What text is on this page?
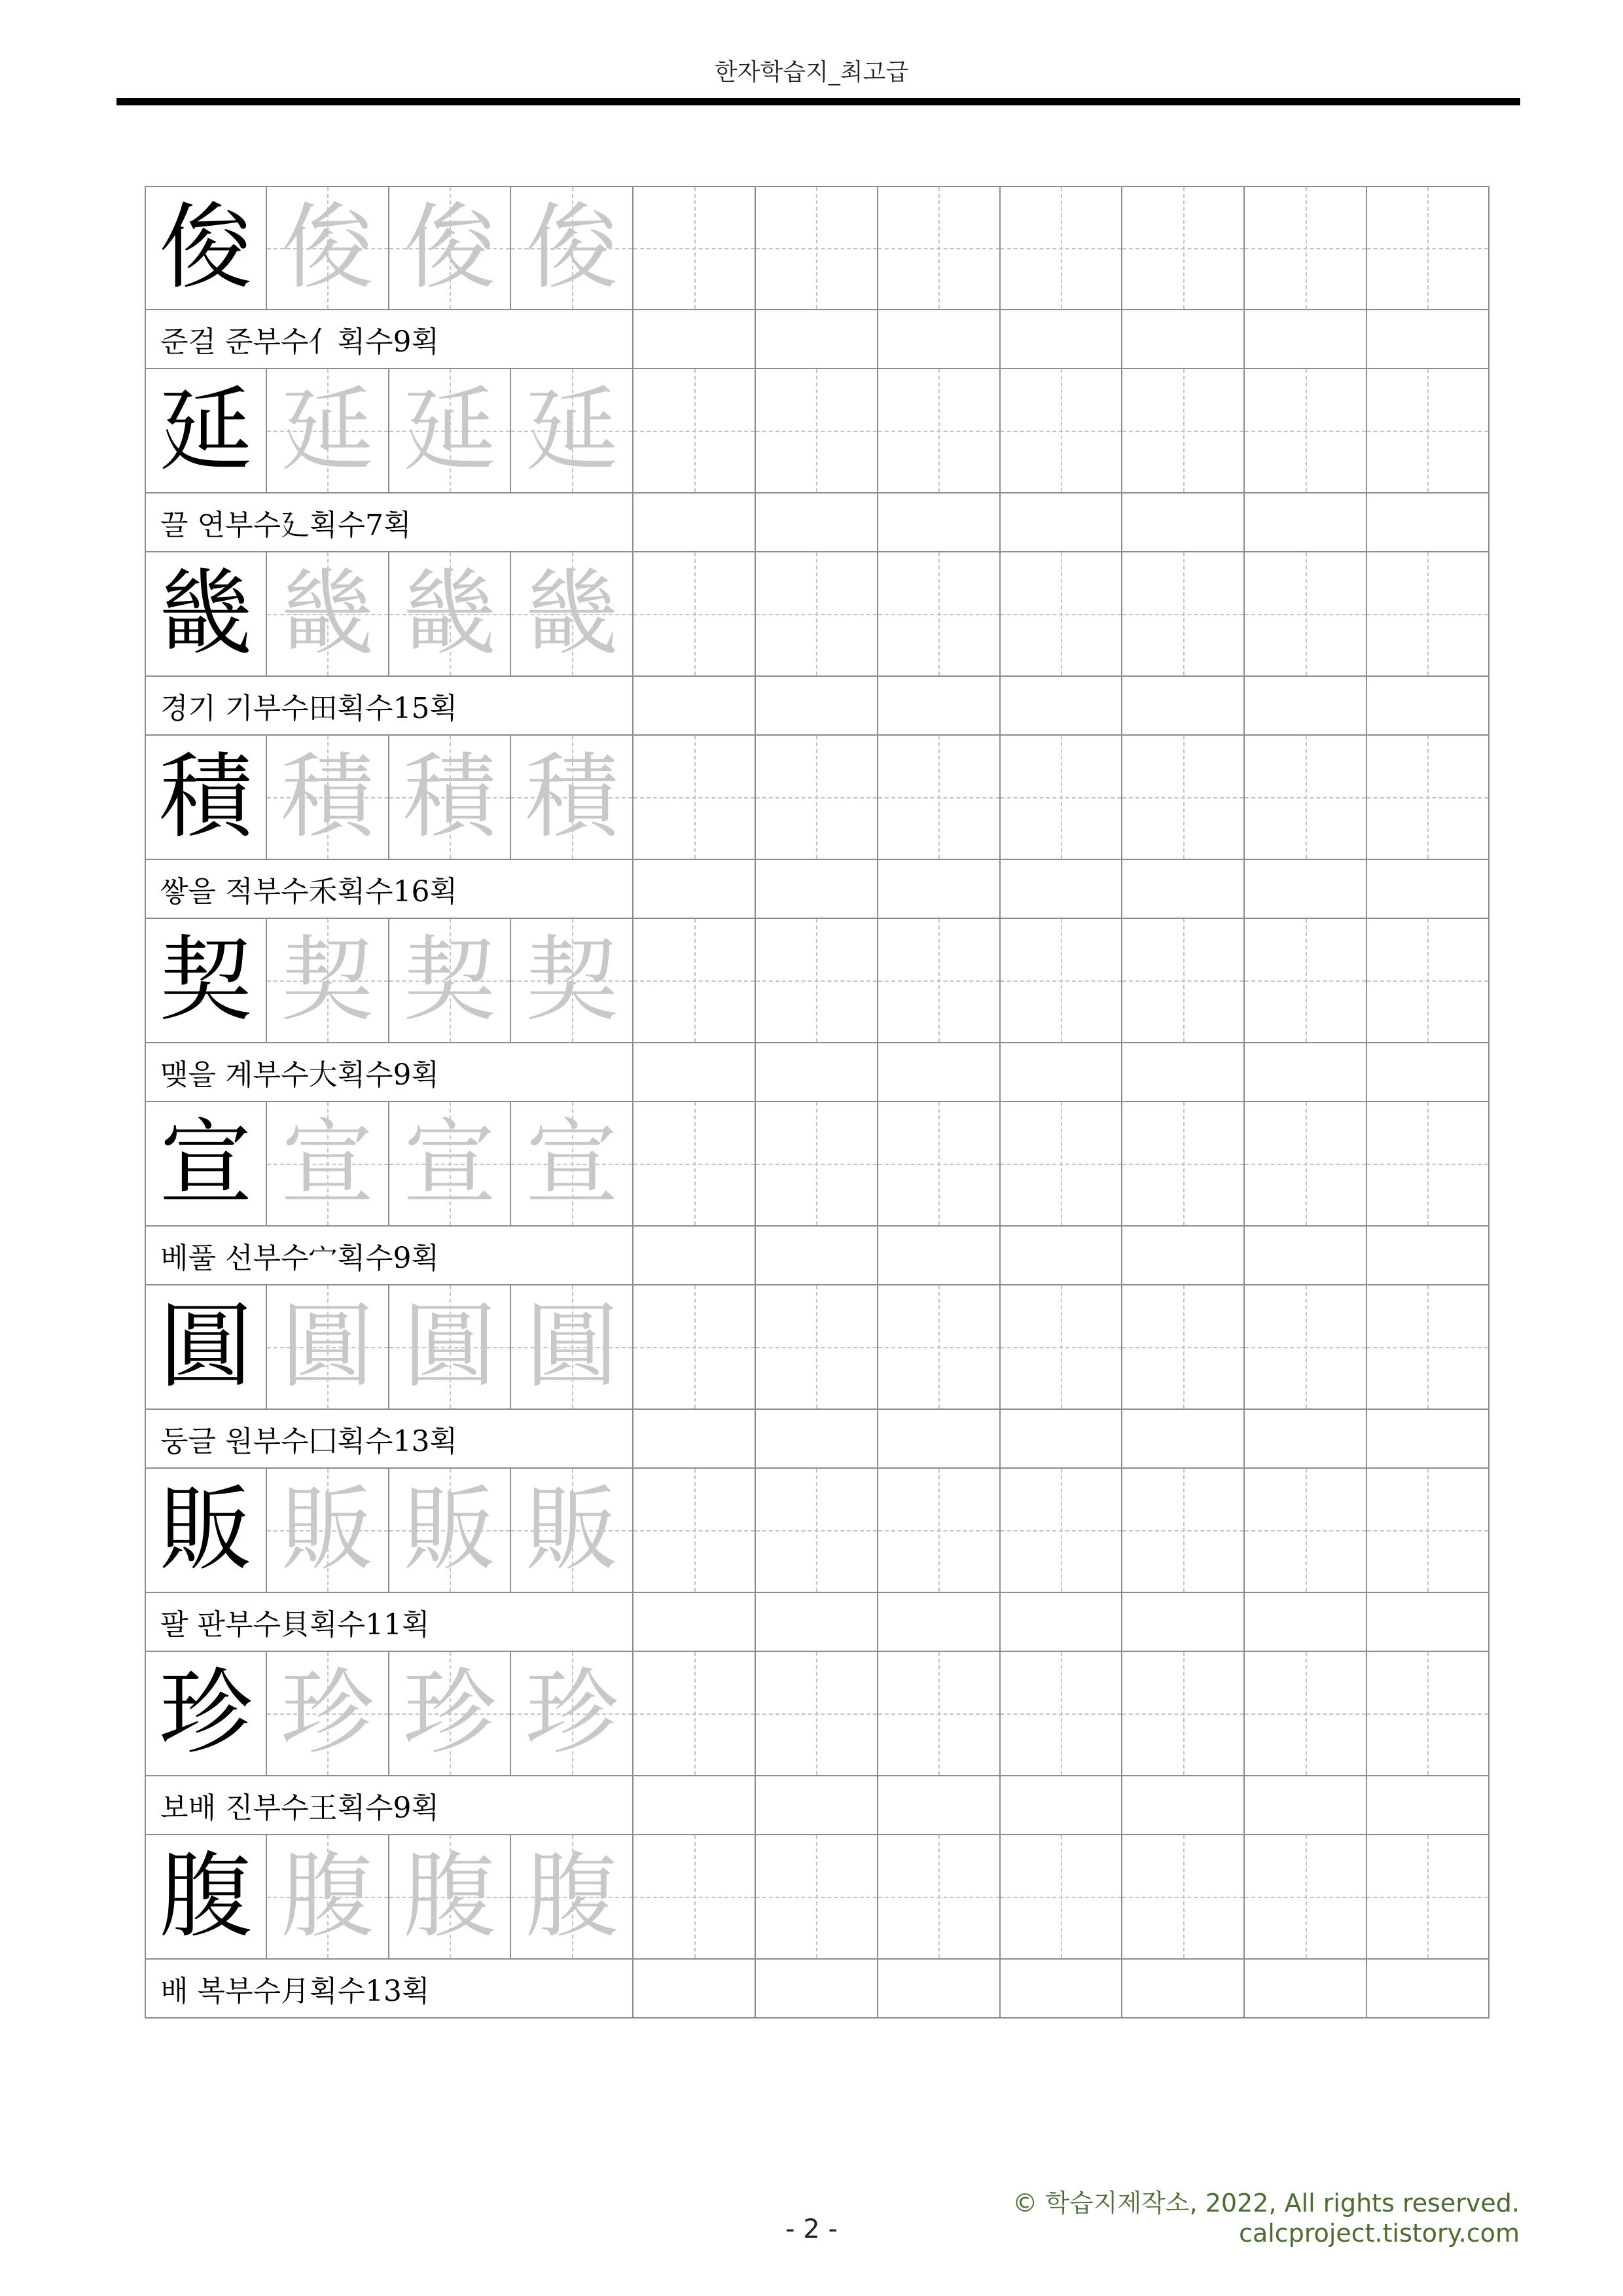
한자학습지_최고급
俊 俊 俊 俊
준걸 준 부수 亻 획수 9획
延 延 延 延
끌 연 부수 廴 획수 7획
畿 畿 畿 畿
경기 기 부수 田 획수 15획
積 積 積 積
쌓을 적 부수 禾 획수 16획
契 契 契 契
맺을 계 부수 大 획수 9획
宣 宣 宣 宣
베풀 선 부수 宀 획수 9획
圓 圓 圓 圓
둥글 원 부수 囗 획수 13획
販 販 販 販
팔 판 부수 貝 획수 11획
珍 珍 珍 珍
보배 진 부수 王 획수 9획
腹 腹 腹 腹
배 복 부수 月 획수 13획
- 2 -
© 학습지제작소, 2022, All rights reserved.
calcproject.tistory.com
